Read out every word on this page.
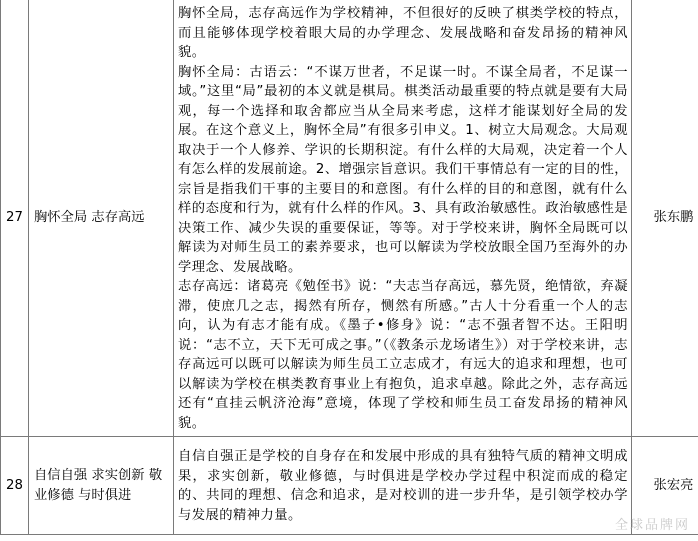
27	胸怀全局 志存高远	胸怀全局，志存高远作为学校精神，不但很好的反映了棋类学校的特点，而且能够体现学校着眼大局的办学理念、发展战略和奋发昂扬的精神风貌。

胸怀全局：古语云：“不谋万世者，不足谋一时。不谋全局者，不足谋一域。”这里“局”最初的本义就是棋局。棋类活动最重要的特点就是要有大局观，每一个选择和取舍都应当从全局来考虑，这样才能谋划好全局的发展。在这个意义上，胸怀全局”有很多引申义。1、树立大局观念。大局观取决于一个人修养、学识的长期积淀。有什么样的大局观，决定着一个人有怎么样的发展前途。2、增强宗旨意识。我们干事情总有一定的目的性，宗旨是指我们干事的主要目的和意图。有什么样的目的和意图，就有什么样的态度和行为，就有什么样的作风。3、具有政治敏感性。政治敏感性是决策工作、减少失误的重要保证，等等。对于学校来讲，胸怀全局既可以解读为对师生员工的素养要求，也可以解读为学校放眼全国乃至海外的办学理念、发展战略。

志存高远：诸葛亮《勉侄书》说：“夫志当存高远，慕先贤，绝情欲，弃凝滞，使庶几之志，揭然有所存，恻然有所感。”古人十分看重一个人的志向，认为有志才能有成。《墨子•修身》说：“志不强者智不达。王阳明说：“志不立，天下无可成之事。”（《教条示龙场诸生》）对于学校来讲，志存高远可以既可以解读为师生员工立志成才，有远大的追求和理想，也可以解读为学校在棋类教育事业上有抱负，追求卓越。除此之外，志存高远还有“直挂云帆济沧海”意境，体现了学校和师生员工奋发昂扬的精神风貌。	张东鹏
28	自信自强 求实创新 敬业修德 与时俱进	自信自强正是学校的自身存在和发展中形成的具有独特气质的精神文明成果，求实创新，敬业修德，与时俱进是学校办学过程中积淀而成的稳定的、共同的理想、信念和追求，是对校训的进一步升华，是引领学校办学与发展的精神力量。	张宏亮
全球品牌网
